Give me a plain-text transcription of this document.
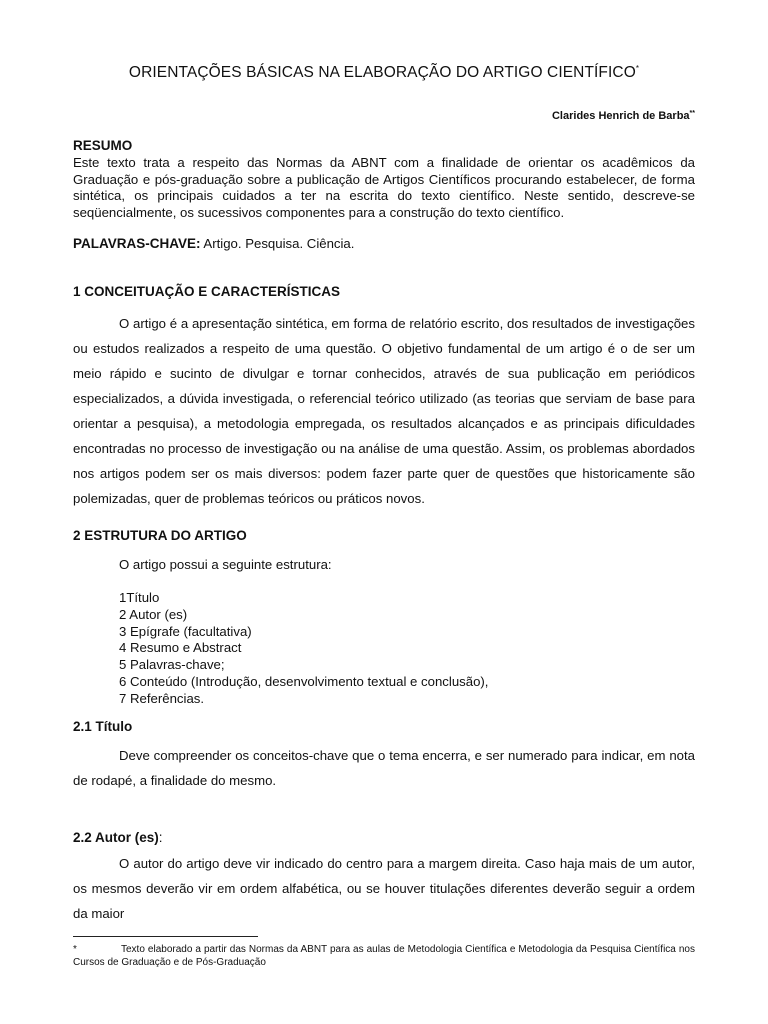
ORIENTAÇÕES BÁSICAS NA ELABORAÇÃO DO ARTIGO CIENTÍFICO*
Clarides Henrich de Barba**
RESUMO
Este texto trata a respeito das Normas da ABNT com a finalidade de orientar os acadêmicos da Graduação e pós-graduação sobre a publicação de Artigos Científicos procurando estabelecer, de forma sintética, os principais cuidados a ter na escrita do texto científico. Neste sentido, descreve-se seqüencialmente, os sucessivos componentes para a construção do texto científico.
PALAVRAS-CHAVE: Artigo. Pesquisa. Ciência.
1 CONCEITUAÇÃO E CARACTERÍSTICAS
O artigo é a apresentação sintética, em forma de relatório escrito, dos resultados de investigações ou estudos realizados a respeito de uma questão. O objetivo fundamental de um artigo é o de ser um meio rápido e sucinto de divulgar e tornar conhecidos, através de sua publicação em periódicos especializados, a dúvida investigada, o referencial teórico utilizado (as teorias que serviam de base para orientar a pesquisa), a metodologia empregada, os resultados alcançados e as principais dificuldades encontradas no processo de investigação ou na análise de uma questão. Assim, os problemas abordados nos artigos podem ser os mais diversos: podem fazer parte quer de questões que historicamente são polemizadas, quer de problemas teóricos ou práticos novos.
2 ESTRUTURA DO ARTIGO
O artigo possui a seguinte estrutura:
1Título
2 Autor (es)
3 Epígrafe (facultativa)
4 Resumo e Abstract
5 Palavras-chave;
6 Conteúdo (Introdução, desenvolvimento textual e conclusão),
7 Referências.
2.1 Título
Deve compreender os conceitos-chave que o tema encerra, e ser numerado para indicar, em nota de rodapé, a finalidade do mesmo.
2.2 Autor (es):
O autor do artigo deve vir indicado do centro para a margem direita. Caso haja mais de um autor, os mesmos deverão vir em ordem alfabética, ou se houver titulações diferentes deverão seguir a ordem da maior
*	Texto elaborado a partir das Normas da ABNT para as aulas de Metodologia Científica e Metodologia da Pesquisa Científica nos Cursos de Graduação e de Pós-Graduação
